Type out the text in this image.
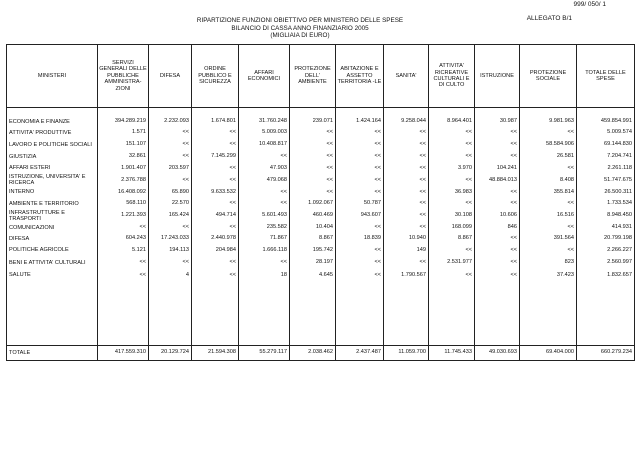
999/ 050/ 1
ALLEGATO B/1
RIPARTIZIONE FUNZIONI OBIETTIVO PER MINISTERO DELLE SPESE
BILANCIO DI CASSA ANNO FINANZIARIO 2005
(MIGLIAIA DI EURO)
MINISTERI	SERVIZI GENERALI DELLE PUBBLICHE AMMINISTRA-ZIONI	DIFESA	ORDINE PUBBLICO E SICUREZZA	AFFARI ECONOMICI	PROTEZIONE DELL' AMBIENTE	ABITAZIONE E ASSETTO TERRITORIA -LE	SANITA'	ATTIVITA' RICREATIVE CULTURALI E DI CULTO	ISTRUZIONE	PROTEZIONE SOCIALE	TOTALE DELLE SPESE
ECONOMIA E FINANZE	394.289.219	2.232.093	1.674.801	31.760.248	239.071	1.424.164	9.258.044	8.964.401	30.987	9.981.963	459.854.991
ATTIVITA' PRODUTTIVE	1.571	<<	<<	5.009.003	<<	<<	<<	<<	<<	<<	5.009.574
LAVORO E POLITICHE SOCIALI	151.107	<<	<<	10.408.817	<<	<<	<<	<<	<<	58.584.906	69.144.830
GIUSTIZIA	32.861	<<	7.145.299	<<	<<	<<	<<	<<	<<	26.581	7.204.741
AFFARI ESTERI	1.901.407	203.597	<<	47.903	<<	<<	<<	3.970	104.241	<<	2.261.118
ISTRUZIONE, UNIVERSITA' E RICERCA	2.376.788	<<	<<	479.068	<<	<<	<<	<<	48.884.013	8.408	51.747.675
INTERNO	16.408.092	65.890	9.633.532	<<	<<	<<	<<	36.983	<<	355.814	26.500.311
AMBIENTE E TERRITORIO	568.110	22.570	<<	<<	1.092.067	50.787	<<	<<	<<	<<	1.733.534
INFRASTRUTTURE E TRASPORTI	1.221.393	165.424	494.714	5.601.493	460.469	943.607	<<	30.108	10.606	16.516	8.948.450
COMUNICAZIONI	<<	<<	<<	235.582	10.404	<<	<<	168.099	846	<<	414.931
DIFESA	604.243	17.243.033	2.440.978	71.867	8.867	18.839	10.940	8.867	<<	391.564	20.799.198
POLITICHE AGRICOLE	5.121	194.113	204.984	1.666.118	195.742	<<	149	<<	<<	<<	2.266.227
BENI E ATTIVITA' CULTURALI	<<	<<	<<	<<	28.197	<<	<<	2.531.977	<<	823	2.560.997
SALUTE	<<	4	<<	18	4.645	<<	1.790.567	<<	<<	37.423	1.832.657

TOTALE	417.559.310	20.129.724	21.594.308	55.279.117	2.038.462	2.437.487	11.059.700	11.745.433	49.030.693	69.404.000	660.279.234
